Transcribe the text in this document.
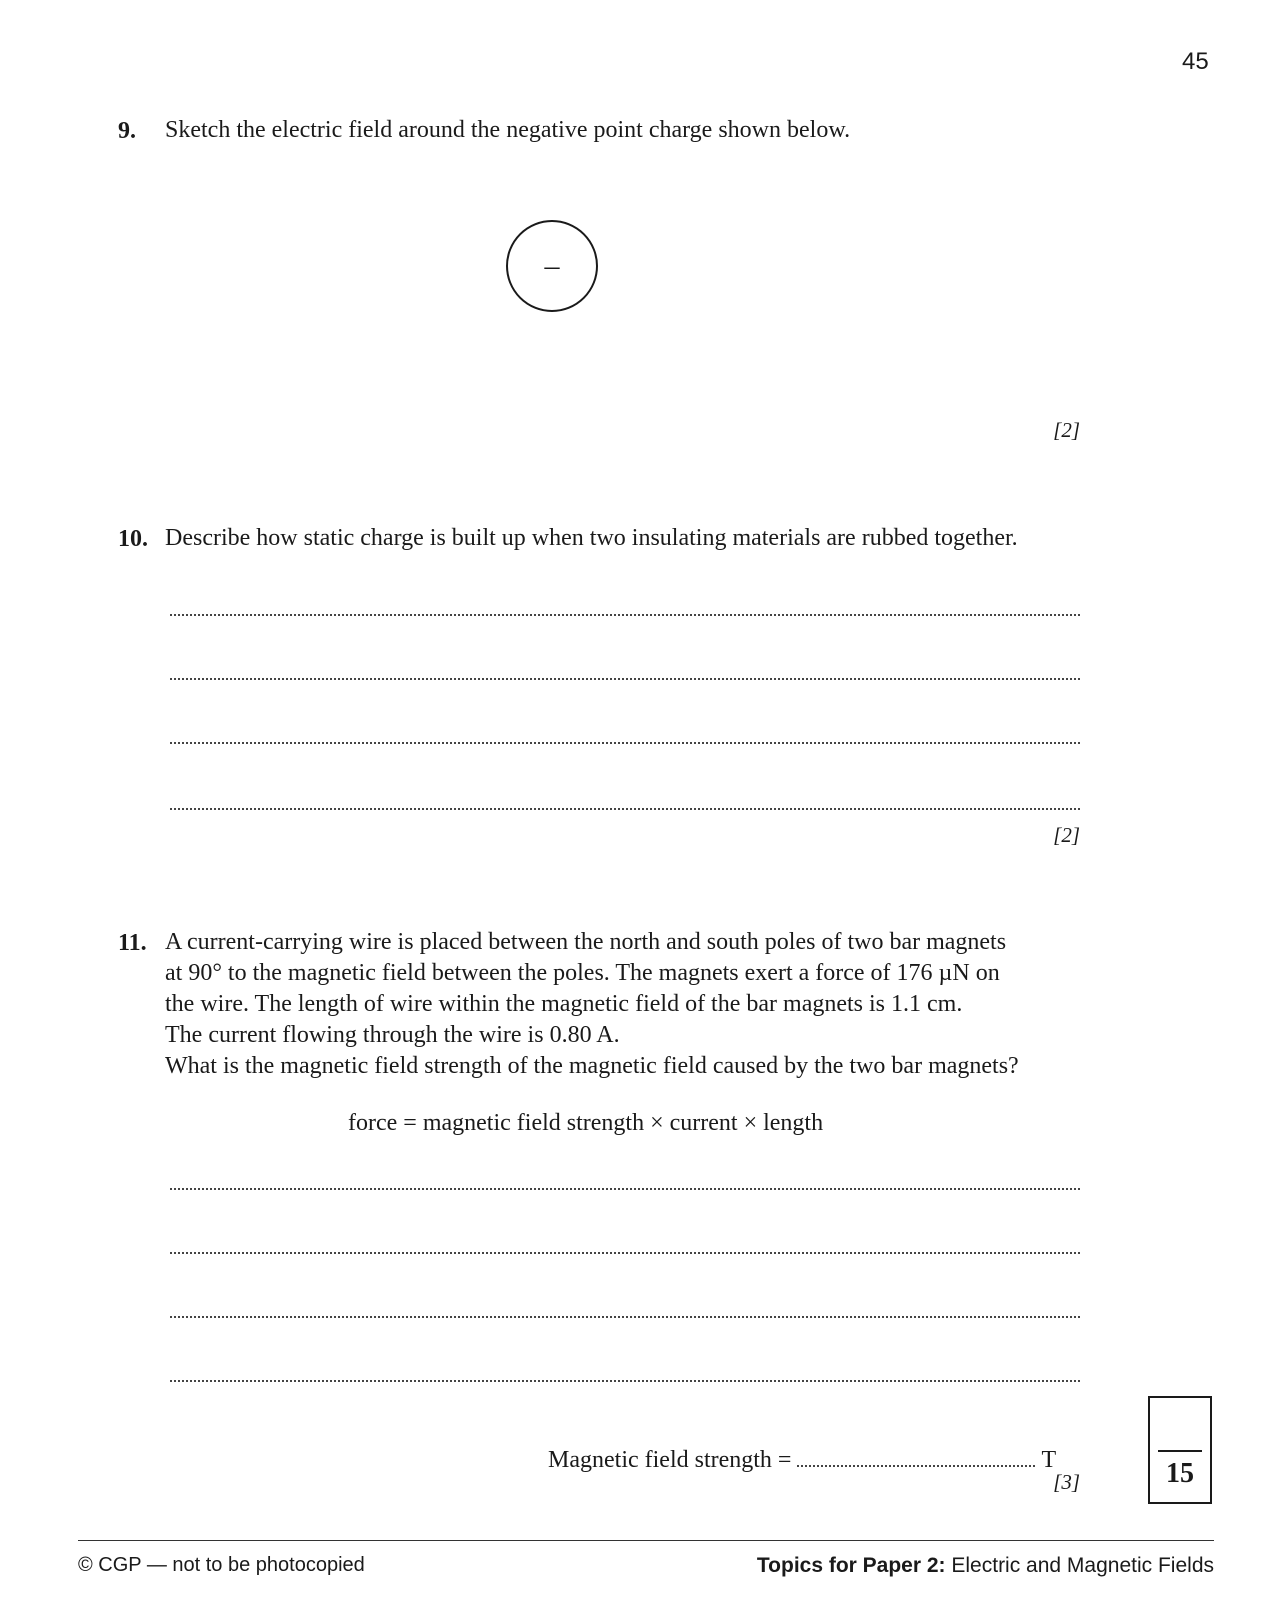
45
9. Sketch the electric field around the negative point charge shown below.
–
[2]
10. Describe how static charge is built up when two insulating materials are rubbed together.
[2]
11. A current-carrying wire is placed between the north and south poles of two bar magnets
at 90° to the magnetic field between the poles. The magnets exert a force of 176 µN on
the wire. The length of wire within the magnetic field of the bar magnets is 1.1 cm.
The current flowing through the wire is 0.80 A.
What is the magnetic field strength of the magnetic field caused by the two bar magnets?
force = magnetic field strength × current × length
Magnetic field strength =	T
[3]	15
© CGP — not to be photocopied	Topics for Paper 2: Electric and Magnetic Fields
